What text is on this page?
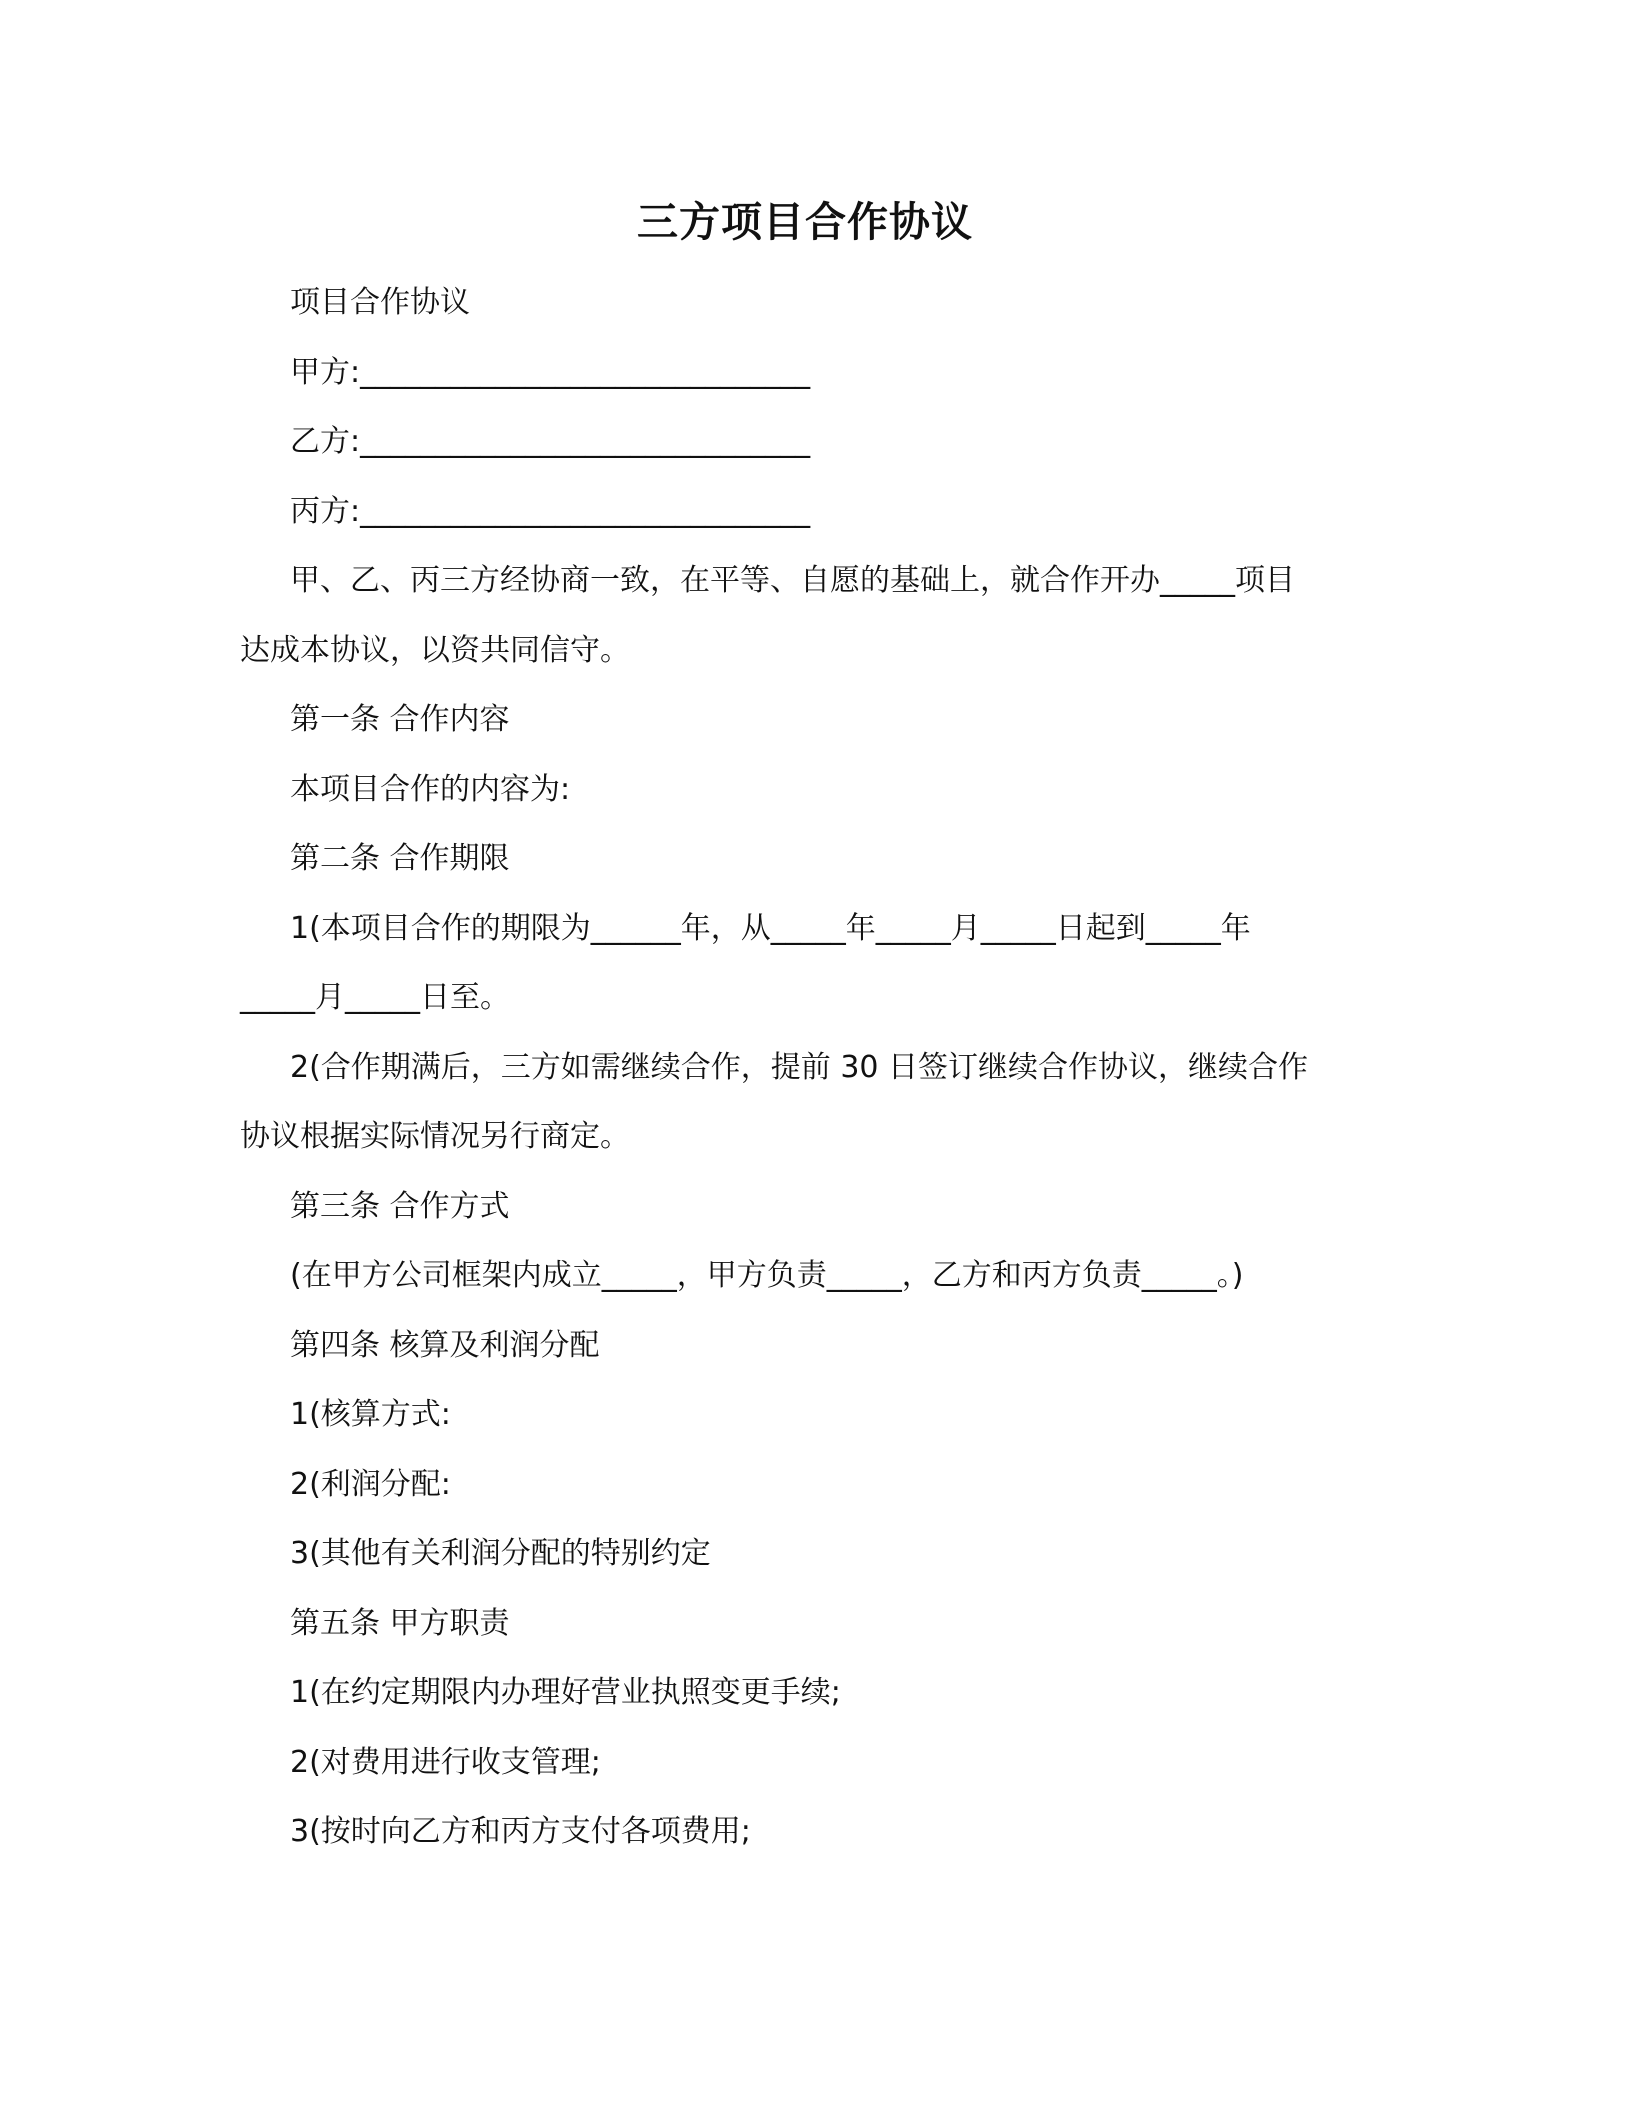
三方项目合作协议
项目合作协议
甲方:______________________________
乙方:______________________________
丙方:______________________________
甲、乙、丙三方经协商一致，在平等、自愿的基础上，就合作开办_____项目
达成本协议，以资共同信守。
第一条 合作内容
本项目合作的内容为:
第二条 合作期限
1(本项目合作的期限为______年，从_____年_____月_____日起到_____年
_____月_____日至。
2(合作期满后，三方如需继续合作，提前 30 日签订继续合作协议，继续合作
协议根据实际情况另行商定。
第三条 合作方式
(在甲方公司框架内成立_____，甲方负责_____，乙方和丙方负责_____。)
第四条 核算及利润分配
1(核算方式:
2(利润分配:
3(其他有关利润分配的特别约定
第五条 甲方职责
1(在约定期限内办理好营业执照变更手续;
2(对费用进行收支管理;
3(按时向乙方和丙方支付各项费用;
